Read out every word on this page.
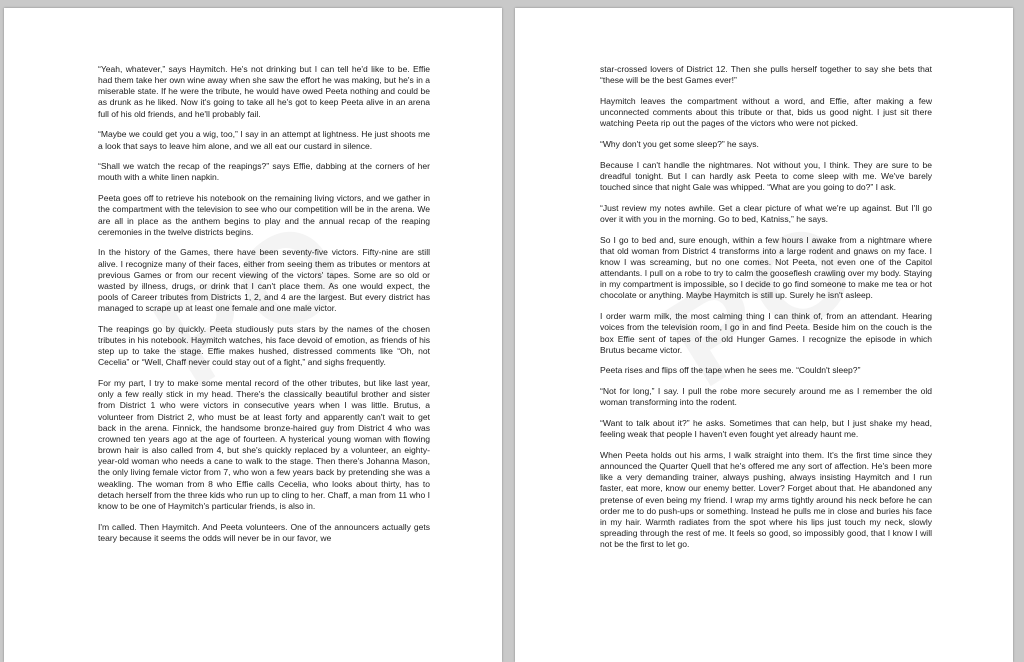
“Yeah, whatever,” says Haymitch. He's not drinking but I can tell he'd like to be. Effie had them take her own wine away when she saw the effort he was making, but he's in a miserable state. If he were the tribute, he would have owed Peeta nothing and could be as drunk as he liked. Now it's going to take all he's got to keep Peeta alive in an arena full of his old friends, and he'll probably fail.

“Maybe we could get you a wig, too,” I say in an attempt at lightness. He just shoots me a look that says to leave him alone, and we all eat our custard in silence.

“Shall we watch the recap of the reapings?” says Effie, dabbing at the corners of her mouth with a white linen napkin.

Peeta goes off to retrieve his notebook on the remaining living victors, and we gather in the compartment with the television to see who our competition will be in the arena. We are all in place as the anthem begins to play and the annual recap of the reaping ceremonies in the twelve districts begins.

In the history of the Games, there have been seventy-five victors. Fifty-nine are still alive. I recognize many of their faces, either from seeing them as tributes or mentors at previous Games or from our recent viewing of the victors' tapes. Some are so old or wasted by illness, drugs, or drink that I can't place them. As one would expect, the pools of Career tributes from Districts 1, 2, and 4 are the largest. But every district has managed to scrape up at least one female and one male victor.

The reapings go by quickly. Peeta studiously puts stars by the names of the chosen tributes in his notebook. Haymitch watches, his face devoid of emotion, as friends of his step up to take the stage. Effie makes hushed, distressed comments like “Oh, not Cecelia” or “Well, Chaff never could stay out of a fight,” and sighs frequently.

For my part, I try to make some mental record of the other tributes, but like last year, only a few really stick in my head. There's the classically beautiful brother and sister from District 1 who were victors in consecutive years when I was little. Brutus, a volunteer from District 2, who must be at least forty and apparently can't wait to get back in the arena. Finnick, the handsome bronze-haired guy from District 4 who was crowned ten years ago at the age of fourteen. A hysterical young woman with flowing brown hair is also called from 4, but she's quickly replaced by a volunteer, an eighty-year-old woman who needs a cane to walk to the stage. Then there's Johanna Mason, the only living female victor from 7, who won a few years back by pretending she was a weakling. The woman from 8 who Effie calls Cecelia, who looks about thirty, has to detach herself from the three kids who run up to cling to her. Chaff, a man from 11 who I know to be one of Haymitch's particular friends, is also in.

I'm called. Then Haymitch. And Peeta volunteers. One of the announcers actually gets teary because it seems the odds will never be in our favor, we

star-crossed lovers of District 12. Then she pulls herself together to say she bets that “these will be the best Games ever!”

Haymitch leaves the compartment without a word, and Effie, after making a few unconnected comments about this tribute or that, bids us good night. I just sit there watching Peeta rip out the pages of the victors who were not picked.

“Why don't you get some sleep?” he says.

Because I can't handle the nightmares. Not without you, I think. They are sure to be dreadful tonight. But I can hardly ask Peeta to come sleep with me. We've barely touched since that night Gale was whipped. “What are you going to do?” I ask.

“Just review my notes awhile. Get a clear picture of what we're up against. But I'll go over it with you in the morning. Go to bed, Katniss,” he says.

So I go to bed and, sure enough, within a few hours I awake from a nightmare where that old woman from District 4 transforms into a large rodent and gnaws on my face. I know I was screaming, but no one comes. Not Peeta, not even one of the Capitol attendants. I pull on a robe to try to calm the gooseflesh crawling over my body. Staying in my compartment is impossible, so I decide to go find someone to make me tea or hot chocolate or anything. Maybe Haymitch is still up. Surely he isn't asleep.

I order warm milk, the most calming thing I can think of, from an attendant. Hearing voices from the television room, I go in and find Peeta. Beside him on the couch is the box Effie sent of tapes of the old Hunger Games. I recognize the episode in which Brutus became victor.

Peeta rises and flips off the tape when he sees me. “Couldn't sleep?”

“Not for long,” I say. I pull the robe more securely around me as I remember the old woman transforming into the rodent.

“Want to talk about it?” he asks. Sometimes that can help, but I just shake my head, feeling weak that people I haven't even fought yet already haunt me.

When Peeta holds out his arms, I walk straight into them. It's the first time since they announced the Quarter Quell that he's offered me any sort of affection. He's been more like a very demanding trainer, always pushing, always insisting Haymitch and I run faster, eat more, know our enemy better. Lover? Forget about that. He abandoned any pretense of even being my friend. I wrap my arms tightly around his neck before he can order me to do push-ups or something. Instead he pulls me in close and buries his face in my hair. Warmth radiates from the spot where his lips just touch my neck, slowly spreading through the rest of me. It feels so good, so impossibly good, that I know I will not be the first to let go.
